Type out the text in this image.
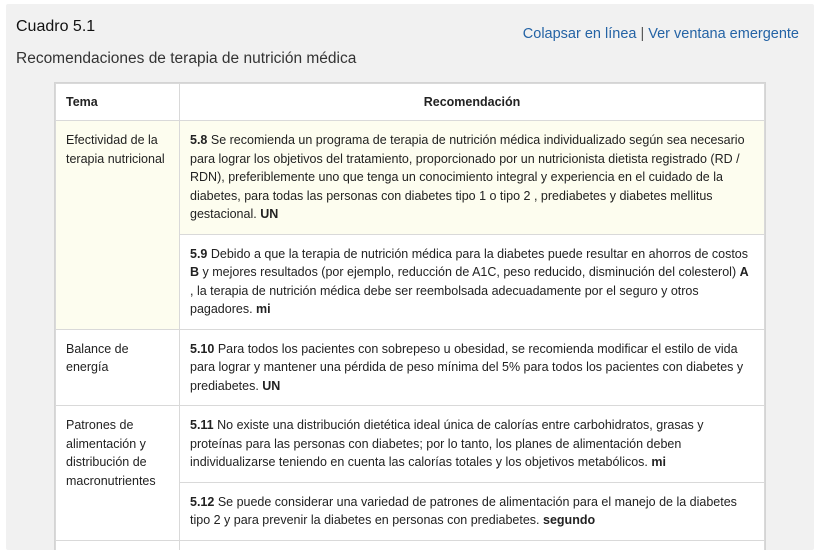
Cuadro 5.1	Colapsar en línea | Ver ventana emergente
Recomendaciones de terapia de nutrición médica
Tema	Recomendación
Efectividad de la terapia nutricional	5.8 Se recomienda un programa de terapia de nutrición médica individualizado según sea necesario para lograr los objetivos del tratamiento, proporcionado por un nutricionista dietista registrado (RD / RDN), preferiblemente uno que tenga un conocimiento integral y experiencia en el cuidado de la diabetes, para todas las personas con diabetes tipo 1 o tipo 2 , prediabetes y diabetes mellitus gestacional. UN
	5.9 Debido a que la terapia de nutrición médica para la diabetes puede resultar en ahorros de costos B y mejores resultados (por ejemplo, reducción de A1C, peso reducido, disminución del colesterol) A , la terapia de nutrición médica debe ser reembolsada adecuadamente por el seguro y otros pagadores. mi
Balance de energía	5.10 Para todos los pacientes con sobrepeso u obesidad, se recomienda modificar el estilo de vida para lograr y mantener una pérdida de peso mínima del 5% para todos los pacientes con diabetes y prediabetes. UN
Patrones de alimentación y distribución de macronutrientes	5.11 No existe una distribución dietética ideal única de calorías entre carbohidratos, grasas y proteínas para las personas con diabetes; por lo tanto, los planes de alimentación deben individualizarse teniendo en cuenta las calorías totales y los objetivos metabólicos. mi
	5.12 Se puede considerar una variedad de patrones de alimentación para el manejo de la diabetes tipo 2 y para prevenir la diabetes en personas con prediabetes. segundo
